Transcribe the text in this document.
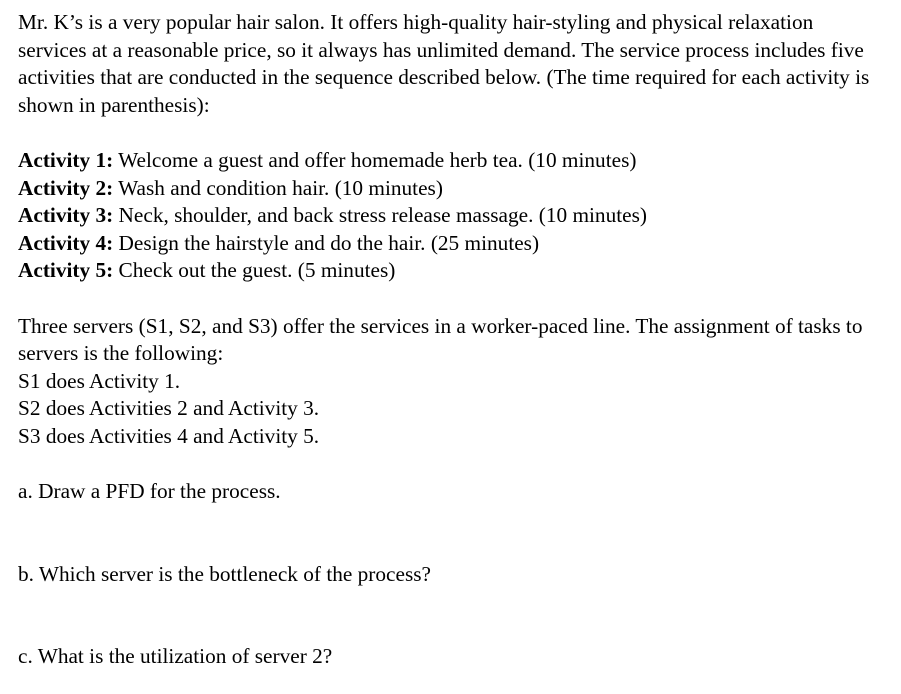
Mr. K’s is a very popular hair salon. It offers high-quality hair-styling and physical relaxation services at a reasonable price, so it always has unlimited demand. The service process includes five activities that are conducted in the sequence described below. (The time required for each activity is shown in parenthesis):

Activity 1: Welcome a guest and offer homemade herb tea. (10 minutes)

Activity 2: Wash and condition hair. (10 minutes)

Activity 3: Neck, shoulder, and back stress release massage. (10 minutes)

Activity 4: Design the hairstyle and do the hair. (25 minutes)

Activity 5: Check out the guest. (5 minutes)

Three servers (S1, S2, and S3) offer the services in a worker-paced line. The assignment of tasks to servers is the following:

S1 does Activity 1.

S2 does Activities 2 and Activity 3.

S3 does Activities 4 and Activity 5.

a. Draw a PFD for the process.

b. Which server is the bottleneck of the process?

c. What is the utilization of server 2?
